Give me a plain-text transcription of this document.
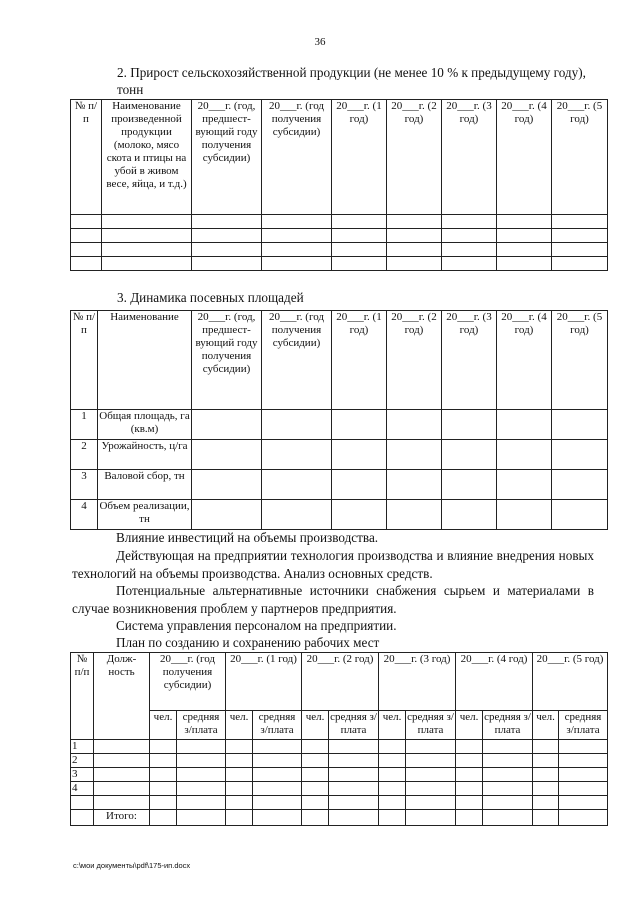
36
2. Прирост сельскохозяйственной продукции (не менее 10 % к предыдущему году), тонн
№ п/п	Наименование произведенной продукции (молоко, мясо скота и птицы на убой в живом весе, яйца, и т.д.)	20___г. (год, предшест-вующий году получения субсидии)	20___г. (год получения субсидии)	20___г. (1 год)	20___г. (2 год)	20___г. (3 год)	20___г. (4 год)	20___г. (5 год)

3. Динамика посевных площадей
№ п/п	Наименование	20___г. (год, предшест-вующий году получения субсидии)	20___г. (год получения субсидии)	20___г. (1 год)	20___г. (2 год)	20___г. (3 год)	20___г. (4 год)	20___г. (5 год)
1	Общая площадь, га (кв.м)							
2	Урожайность, ц/га							
3	Валовой сбор, тн							
4	Объем реализации, тн							
Влияние инвестиций на объемы производства.
Действующая на предприятии технология производства и влияние внедрения новых технологий на объемы производства. Анализ основных средств.
Потенциальные альтернативные источники снабжения сырьем и материалами в случае возникновения проблем у партнеров предприятия.
Система управления персоналом на предприятии.
План по созданию и сохранению рабочих мест
№ п/п	Долж-ность	20___г. (год получения субсидии)		20___г. (1 год)		20___г. (2 год)		20___г. (3 год)		20___г. (4 год)		20___г. (5 год)	
		чел.	средняя з/плата	чел.	средняя з/плата	чел.	средняя з/плата	чел.	средняя з/плата	чел.	средняя з/плата	чел.	средняя з/плата
1													
2													
3													
4													

	Итого:												
c:\мои документы\pdf\175-ип.docx
